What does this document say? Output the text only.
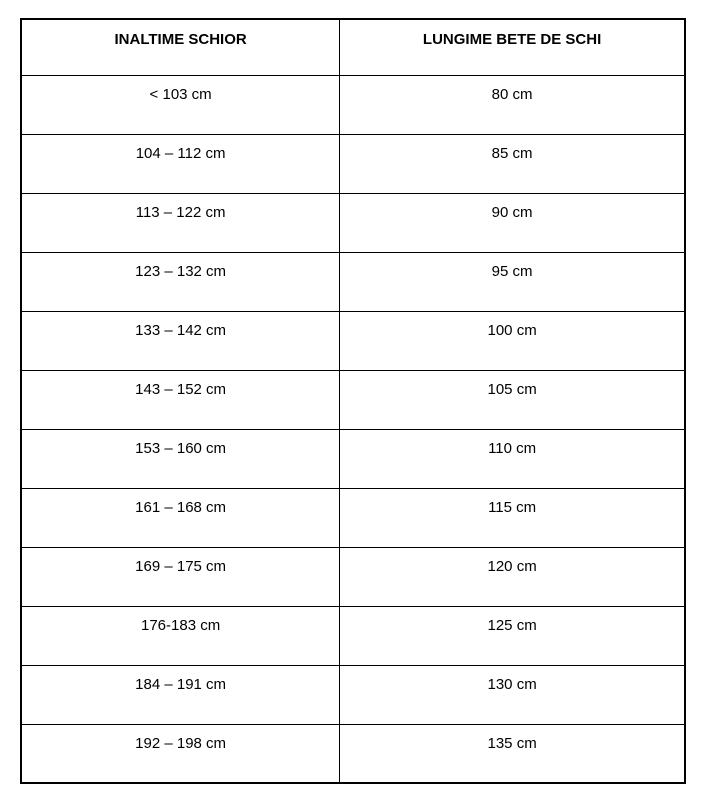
INALTIME SCHIOR	LUNGIME BETE DE SCHI
< 103 cm	80 cm
104 – 112 cm	85 cm
113 – 122 cm	90 cm
123 – 132 cm	95 cm
133 – 142 cm	100 cm
143 – 152 cm	105 cm
153 – 160 cm	110 cm
161 – 168 cm	115 cm
169 – 175 cm	120 cm
176-183 cm	125 cm
184 – 191 cm	130 cm
192 – 198 cm	135 cm
